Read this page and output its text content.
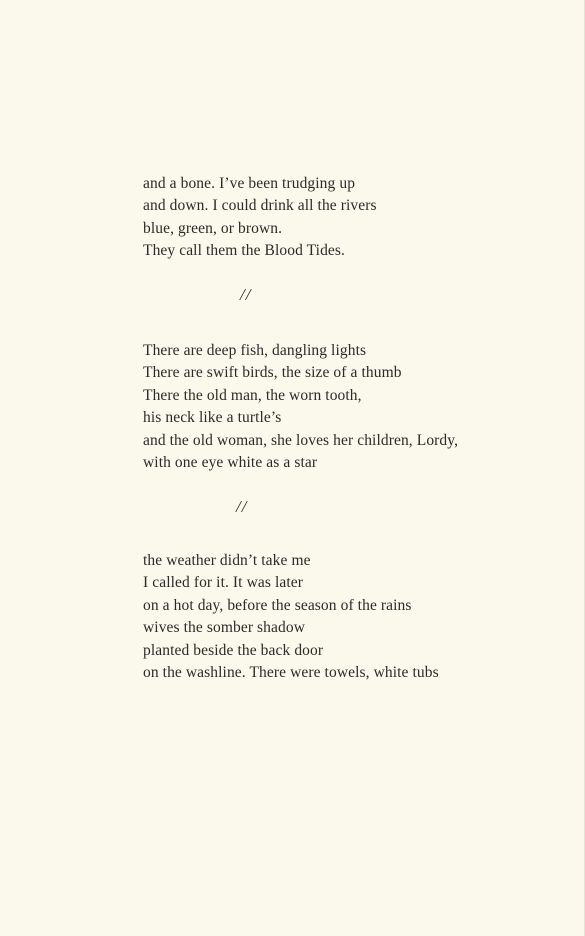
and a bone. I’ve been trudging up
and down. I could drink all the rivers
blue, green, or brown.
They call them the Blood Tides.
//
There are deep fish, dangling lights
There are swift birds, the size of a thumb
There the old man, the worn tooth,
his neck like a turtle’s
and the old woman, she loves her children, Lordy,
with one eye white as a star
//
the weather didn’t take me
I called for it. It was later
on a hot day, before the season of the rains
wives the somber shadow
planted beside the back door
on the washline. There were towels, white tubs
